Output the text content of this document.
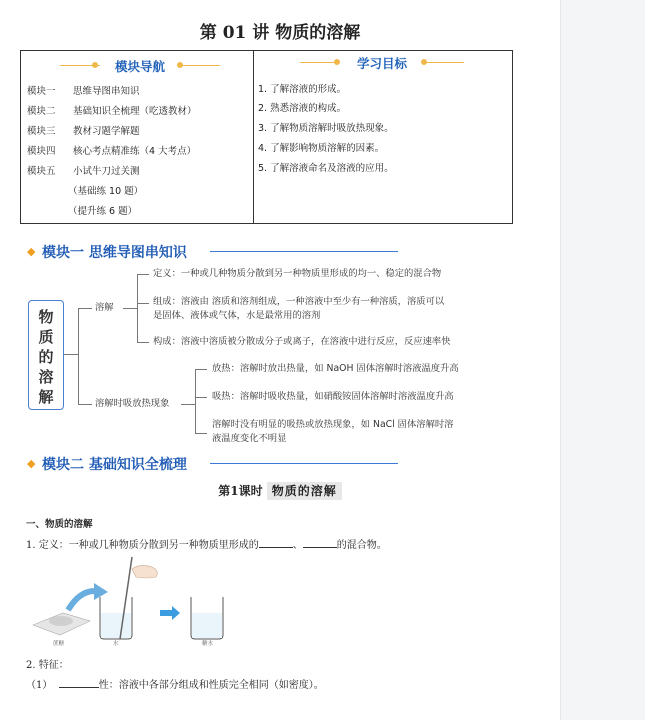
第 01 讲 物质的溶解
模块导航
模块一 思维导图串知识
模块二 基础知识全梳理（吃透教材）
模块三 教材习题学解题
模块四 核心考点精准练（4 大考点）
模块五 小试牛刀过关测
（基础练 10 题）
（提升练 6 题）
学习目标
1. 了解溶液的形成。
2. 熟悉溶液的构成。
3. 了解物质溶解时吸放热现象。
4. 了解影响物质溶解的因素。
5. 了解溶液命名及溶液的应用。
◆ 模块一 思维导图串知识
物
质
的
溶
解
溶解
定义：一种或几种物质分散到另一种物质里形成的均一、稳定的混合物
组成：溶液由 溶质和溶剂组成，一种溶液中至少有一种溶质，溶质可以
是固体、液体或气体，水是最常用的溶剂
构成：溶液中溶质被分散成分子或离子，在溶液中进行反应，反应速率快
溶解时吸放热现象
放热：溶解时放出热量，如 NaOH 固体溶解时溶液温度升高
吸热：溶解时吸收热量，如硝酸铵固体溶解时溶液温度升高
溶解时没有明显的吸热或放热现象，如 NaCl 固体溶解时溶
液温度变化不明显
◆ 模块二 基础知识全梳理
第1课时 物质的溶解
一、物质的溶解
1. 定义：一种或几种物质分散到另一种物质里形成的	、	的混合物。
蔗糖	水	糖水
2. 特征：
（1）	性：溶液中各部分组成和性质完全相同（如密度）。
